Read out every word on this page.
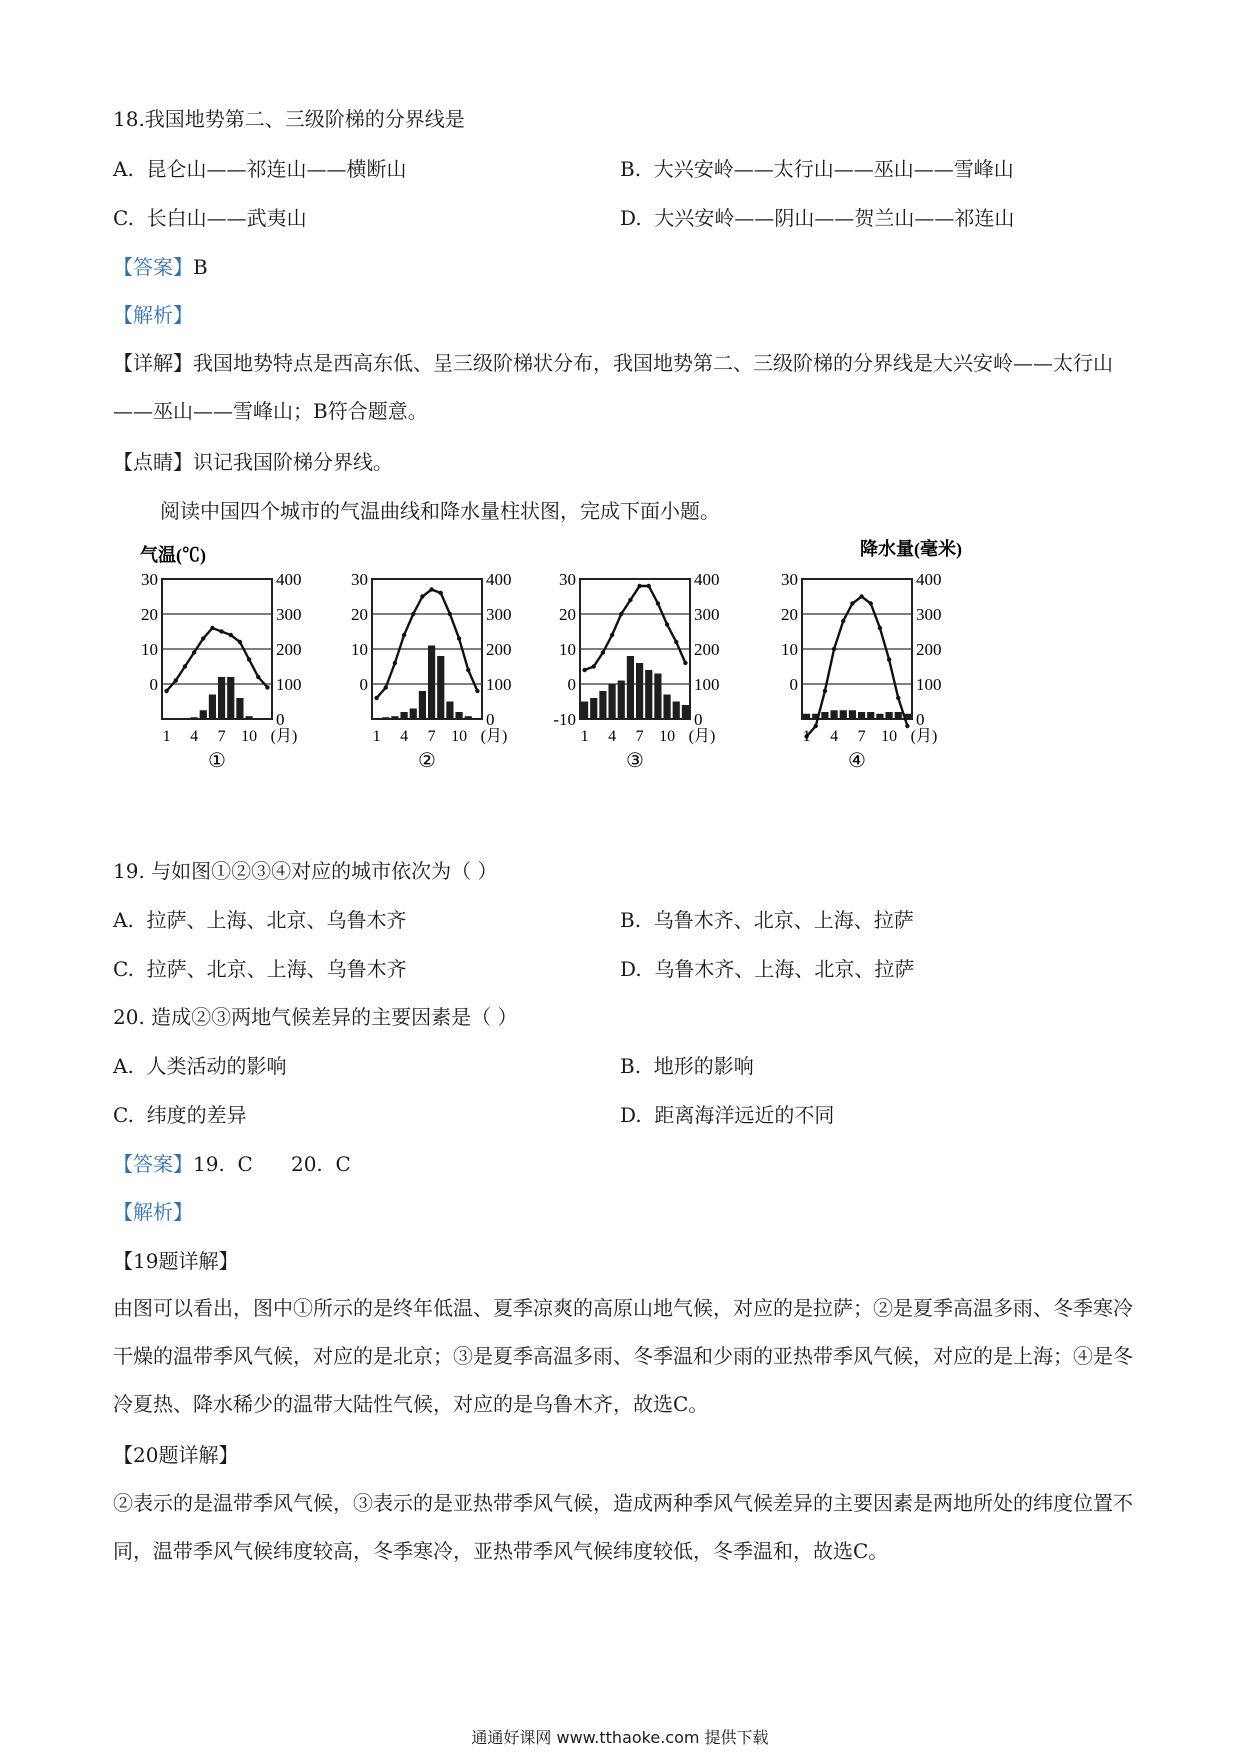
18.我国地势第二、三级阶梯的分界线是
A. 昆仑山——祁连山——横断山	B. 大兴安岭——太行山——巫山——雪峰山
C. 长白山——武夷山	D. 大兴安岭——阴山——贺兰山——祁连山
【答案】B
【解析】
【详解】我国地势特点是西高东低、呈三级阶梯状分布，我国地势第二、三级阶梯的分界线是大兴安岭——太行山——巫山——雪峰山；B符合题意。
【点睛】识记我国阶梯分界线。
阅读中国四个城市的气温曲线和降水量柱状图，完成下面小题。
30
20
10
0
400
300
200
100
0
1 4 7 10 (月)
①
30
20
10
0
400
300
200
100
0
1 4 7 10 (月)
②
30
20
10
0
-10
400
300
200
100
0
1 4 7 10 (月)
③
30
20
10
0
400
300
200
100
0
1 4 7 10 (月)
④
气温(℃)	降水量(毫米)
19. 与如图①②③④对应的城市依次为（ ）
A. 拉萨、上海、北京、乌鲁木齐	B. 乌鲁木齐、北京、上海、拉萨
C. 拉萨、北京、上海、乌鲁木齐	D. 乌鲁木齐、上海、北京、拉萨
20. 造成②③两地气候差异的主要因素是（ ）
A. 人类活动的影响	B. 地形的影响
C. 纬度的差异	D. 距离海洋远近的不同
【答案】19.  C      20.  C
【解析】
【19题详解】
由图可以看出，图中①所示的是终年低温、夏季凉爽的高原山地气候，对应的是拉萨；②是夏季高温多雨、冬季寒冷干燥的温带季风气候，对应的是北京；③是夏季高温多雨、冬季温和少雨的亚热带季风气候，对应的是上海；④是冬冷夏热、降水稀少的温带大陆性气候，对应的是乌鲁木齐，故选C。
【20题详解】
②表示的是温带季风气候，③表示的是亚热带季风气候，造成两种季风气候差异的主要因素是两地所处的纬度位置不同，温带季风气候纬度较高，冬季寒冷，亚热带季风气候纬度较低，冬季温和，故选C。
通通好课网 www.tthaoke.com 提供下载
